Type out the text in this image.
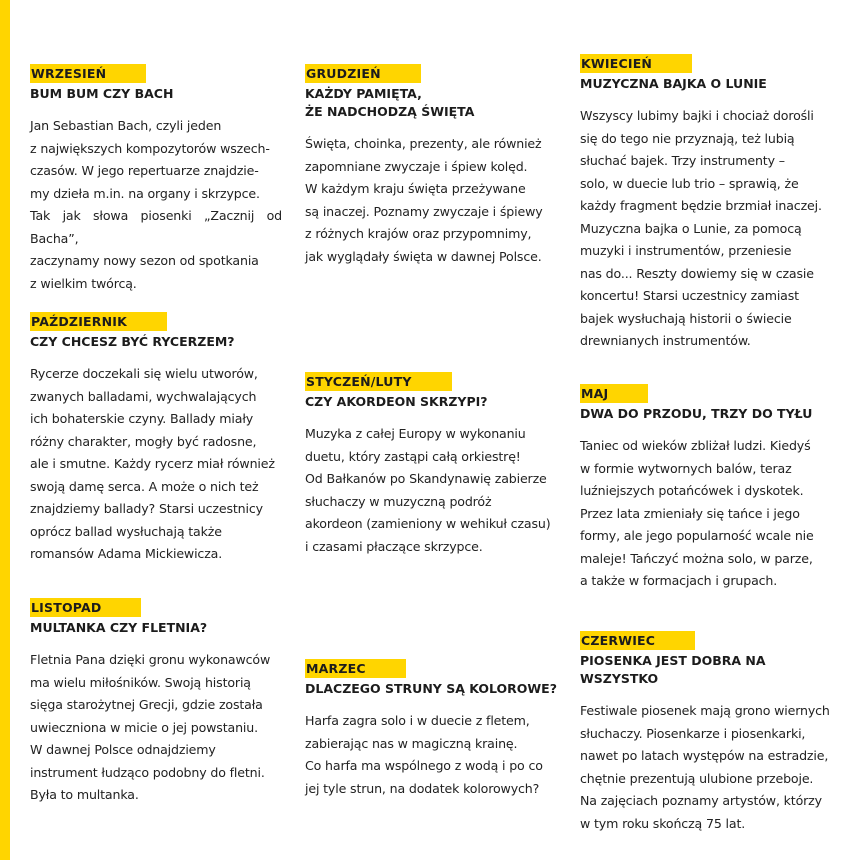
WRZESIEŃ
BUM BUM CZY BACH
Jan Sebastian Bach, czyli jeden
z największych kompozytorów wszech-
czasów. W jego repertuarze znajdzie-
my dzieła m.in. na organy i skrzypce.
Tak jak słowa piosenki „Zacznij od Bacha”,
zaczynamy nowy sezon od spotkania
z wielkim twórcą.
PAŹDZIERNIK
CZY CHCESZ BYĆ RYCERZEM?
Rycerze doczekali się wielu utworów,
zwanych balladami, wychwalających
ich bohaterskie czyny. Ballady miały
różny charakter, mogły być radosne,
ale i smutne. Każdy rycerz miał również
swoją damę serca. A może o nich też
znajdziemy ballady? Starsi uczestnicy
oprócz ballad wysłuchają także
romansów Adama Mickiewicza.
LISTOPAD
MULTANKA CZY FLETNIA?
Fletnia Pana dzięki gronu wykonawców
ma wielu miłośników. Swoją historią
sięga starożytnej Grecji, gdzie została
uwieczniona w micie o jej powstaniu.
W dawnej Polsce odnajdziemy
instrument łudząco podobny do fletni.
Była to multanka.
GRUDZIEŃ
KAŻDY PAMIĘTA,
ŻE NADCHODZĄ ŚWIĘTA
Święta, choinka, prezenty, ale również
zapomniane zwyczaje i śpiew kolęd.
W każdym kraju święta przeżywane
są inaczej. Poznamy zwyczaje i śpiewy
z różnych krajów oraz przypomnimy,
jak wyglądały święta w dawnej Polsce.
STYCZEŃ/LUTY
CZY AKORDEON SKRZYPI?
Muzyka z całej Europy w wykonaniu
duetu, który zastąpi całą orkiestrę!
Od Bałkanów po Skandynawię zabierze
słuchaczy w muzyczną podróż
akordeon (zamieniony w wehikuł czasu)
i czasami płaczące skrzypce.
MARZEC
DLACZEGO STRUNY SĄ KOLOROWE?
Harfa zagra solo i w duecie z fletem,
zabierając nas w magiczną krainę.
Co harfa ma wspólnego z wodą i po co
jej tyle strun, na dodatek kolorowych?
KWIECIEŃ
MUZYCZNA BAJKA O LUNIE
Wszyscy lubimy bajki i chociaż dorośli
się do tego nie przyznają, też lubią
słuchać bajek. Trzy instrumenty –
solo, w duecie lub trio – sprawią, że
każdy fragment będzie brzmiał inaczej.
Muzyczna bajka o Lunie, za pomocą
muzyki i instrumentów, przeniesie
nas do... Reszty dowiemy się w czasie
koncertu! Starsi uczestnicy zamiast
bajek wysłuchają historii o świecie
drewnianych instrumentów.
MAJ
DWA DO PRZODU, TRZY DO TYŁU
Taniec od wieków zbliżał ludzi. Kiedyś
w formie wytwornych balów, teraz
luźniejszych potańcówek i dyskotek.
Przez lata zmieniały się tańce i jego
formy, ale jego popularność wcale nie
maleje! Tańczyć można solo, w parze,
a także w formacjach i grupach.
CZERWIEC
PIOSENKA JEST DOBRA NA WSZYSTKO
Festiwale piosenek mają grono wiernych
słuchaczy. Piosenkarze i piosenkarki,
nawet po latach występów na estradzie,
chętnie prezentują ulubione przeboje.
Na zajęciach poznamy artystów, którzy
w tym roku skończą 75 lat.
